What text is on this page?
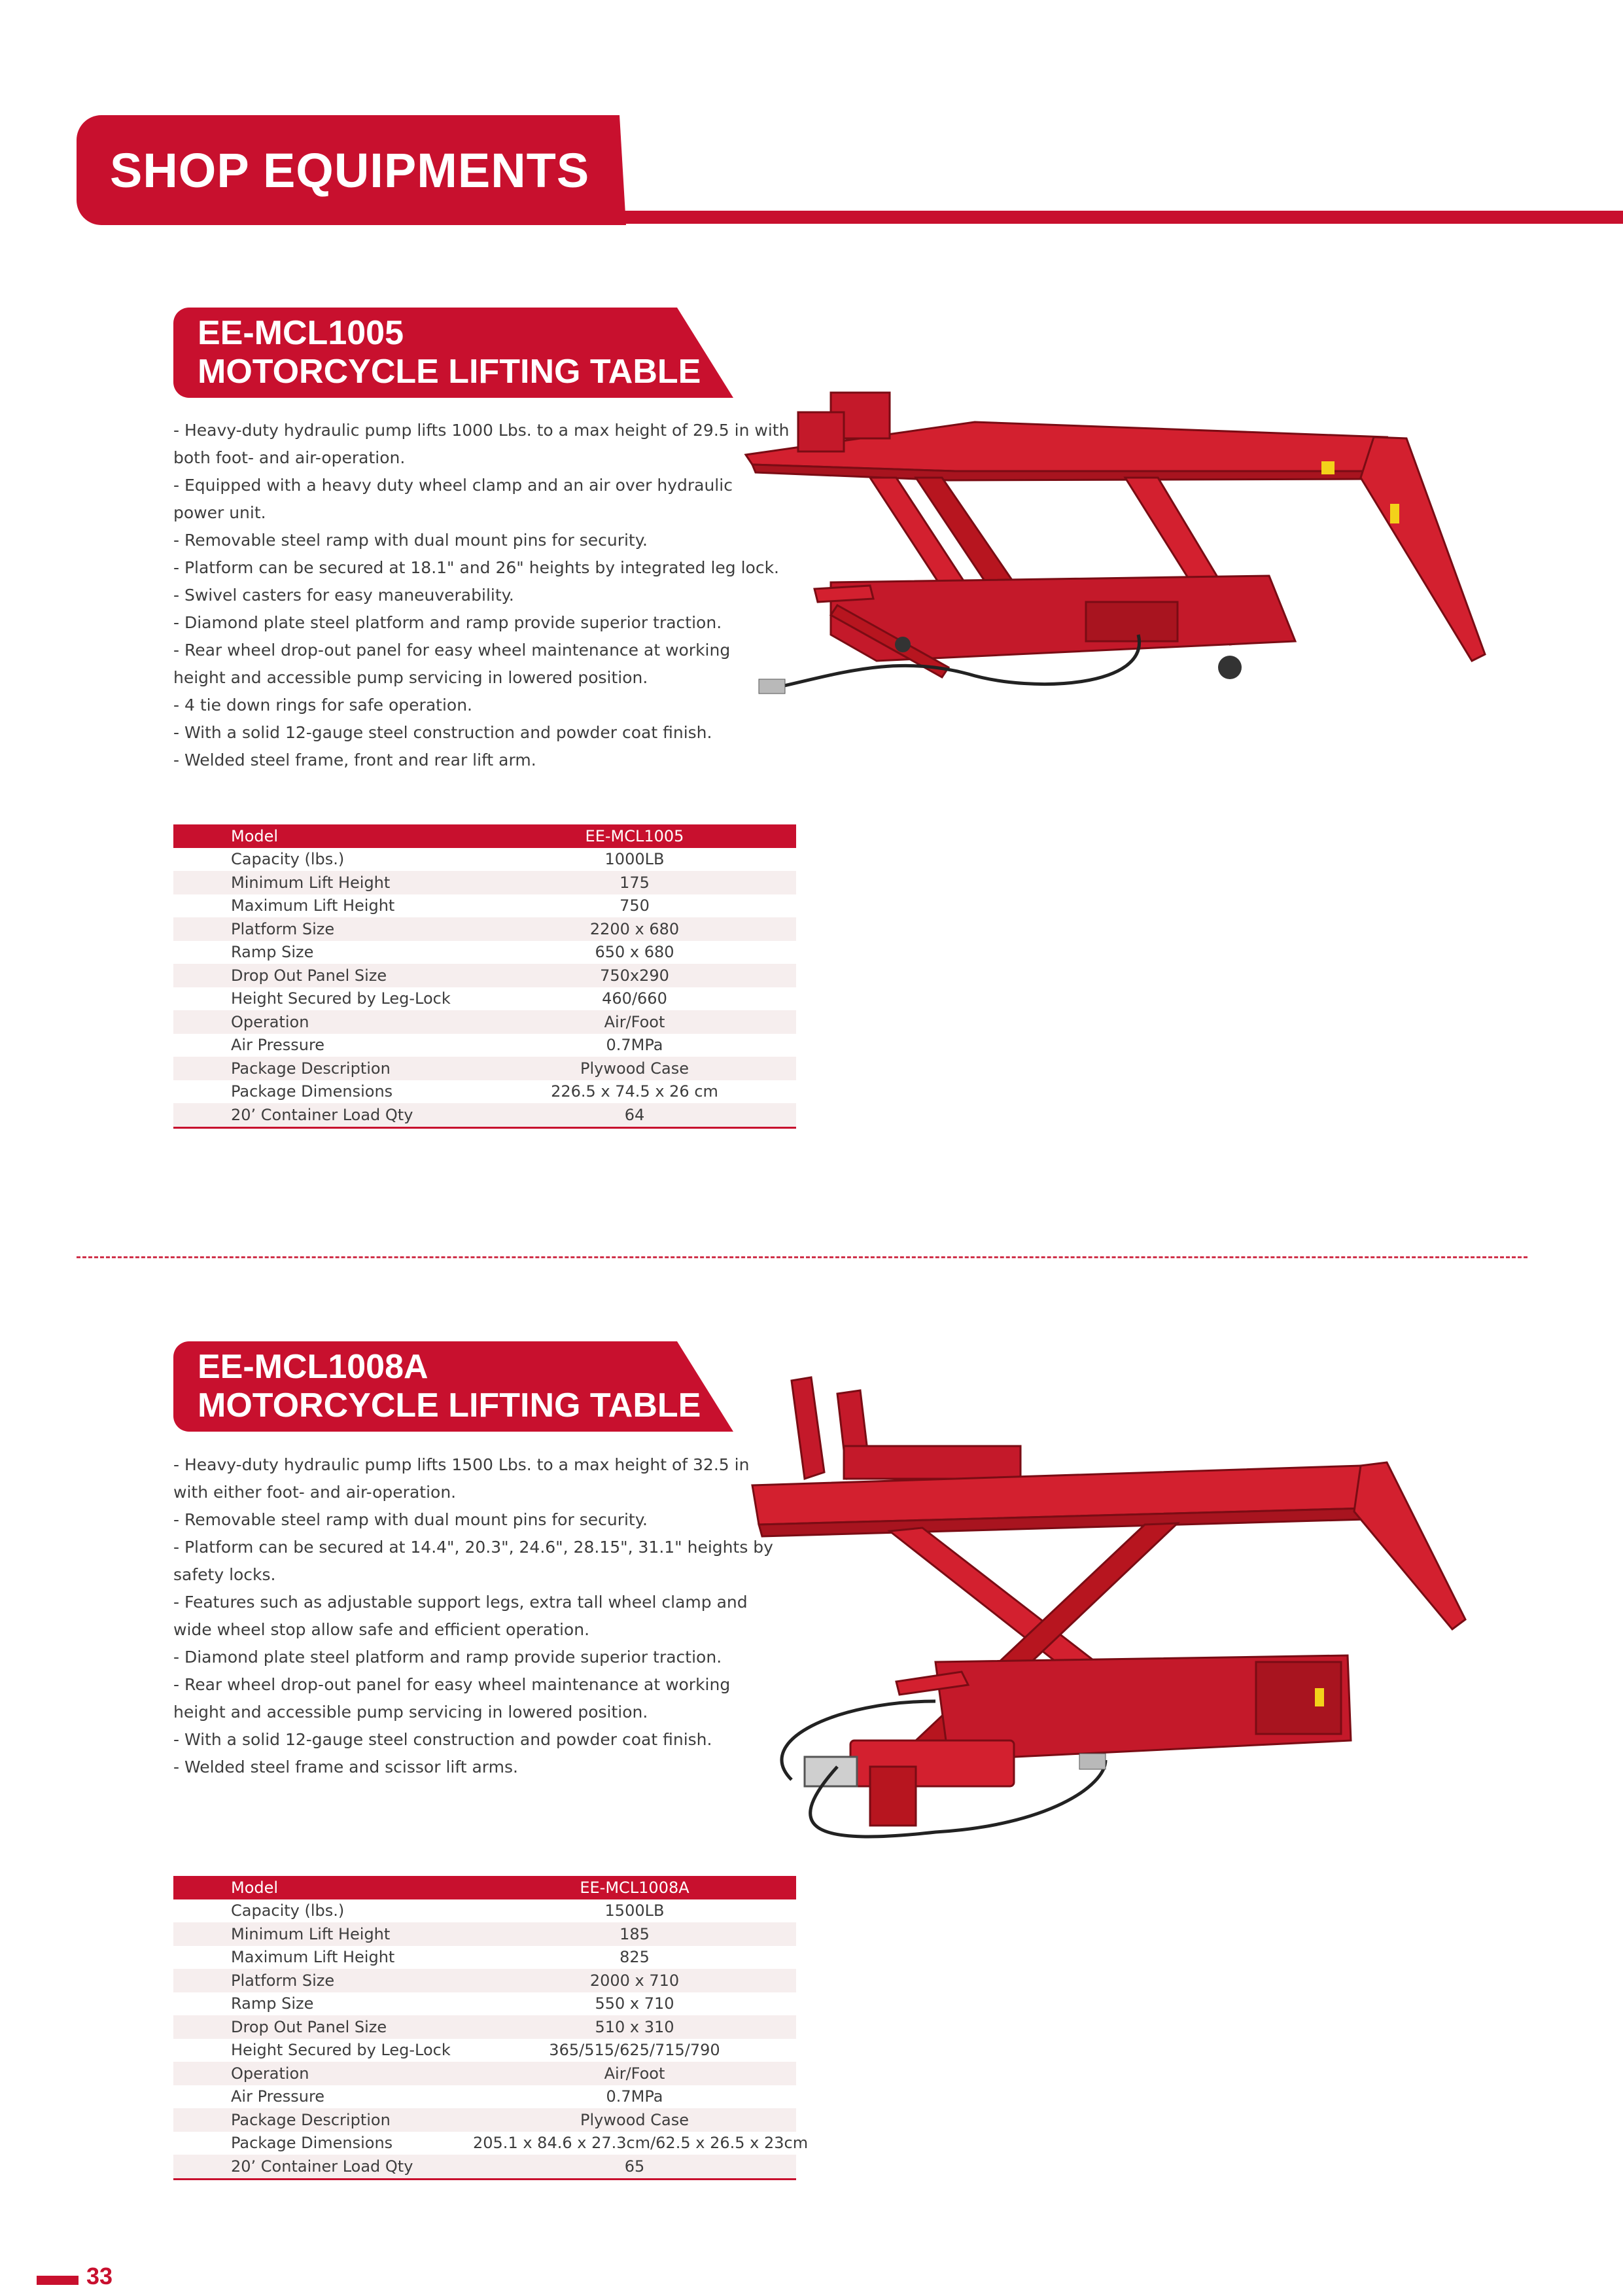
SHOP EQUIPMENTS
EE-MCL1005
MOTORCYCLE LIFTING TABLE
- Heavy-duty hydraulic pump lifts 1000 Lbs. to a max height of 29.5 in with
both foot- and air-operation.
- Equipped with a heavy duty wheel clamp and an air over hydraulic
power unit.
- Removable steel ramp with dual mount pins for security.
- Platform can be secured at 18.1" and 26" heights by integrated leg lock.
- Swivel casters for easy maneuverability.
- Diamond plate steel platform and ramp provide superior traction.
- Rear wheel drop-out panel for easy wheel maintenance at working
height and accessible pump servicing in lowered position.
- 4 tie down rings for safe operation.
- With a solid 12-gauge steel construction and powder coat finish.
- Welded steel frame, front and rear lift arm.
Model	EE-MCL1005
Capacity (lbs.)	1000LB
Minimum Lift Height	175
Maximum Lift Height	750
Platform Size	2200 x 680
Ramp Size	650 x 680
Drop Out Panel Size	750x290
Height Secured by Leg-Lock	460/660
Operation	Air/Foot
Air Pressure	0.7MPa
Package Description	Plywood Case
Package Dimensions	226.5 x 74.5 x 26 cm
20’ Container Load Qty	64
EE-MCL1008A
MOTORCYCLE LIFTING TABLE
- Heavy-duty hydraulic pump lifts 1500 Lbs. to a max height of 32.5 in
with either foot- and air-operation.
- Removable steel ramp with dual mount pins for security.
- Platform can be secured at 14.4", 20.3", 24.6", 28.15", 31.1" heights by
safety locks.
- Features such as adjustable support legs, extra tall wheel clamp and
wide wheel stop allow safe and efficient operation.
- Diamond plate steel platform and ramp provide superior traction.
- Rear wheel drop-out panel for easy wheel maintenance at working
height and accessible pump servicing in lowered position.
- With a solid 12-gauge steel construction and powder coat finish.
- Welded steel frame and scissor lift arms.
Model	EE-MCL1008A
Capacity (lbs.)	1500LB
Minimum Lift Height	185
Maximum Lift Height	825
Platform Size	2000 x 710
Ramp Size	550 x 710
Drop Out Panel Size	510 x 310
Height Secured by Leg-Lock	365/515/625/715/790
Operation	Air/Foot
Air Pressure	0.7MPa
Package Description	Plywood Case
Package Dimensions	205.1 x 84.6 x 27.3cm/62.5 x 26.5 x 23cm
20’ Container Load Qty	65
33
